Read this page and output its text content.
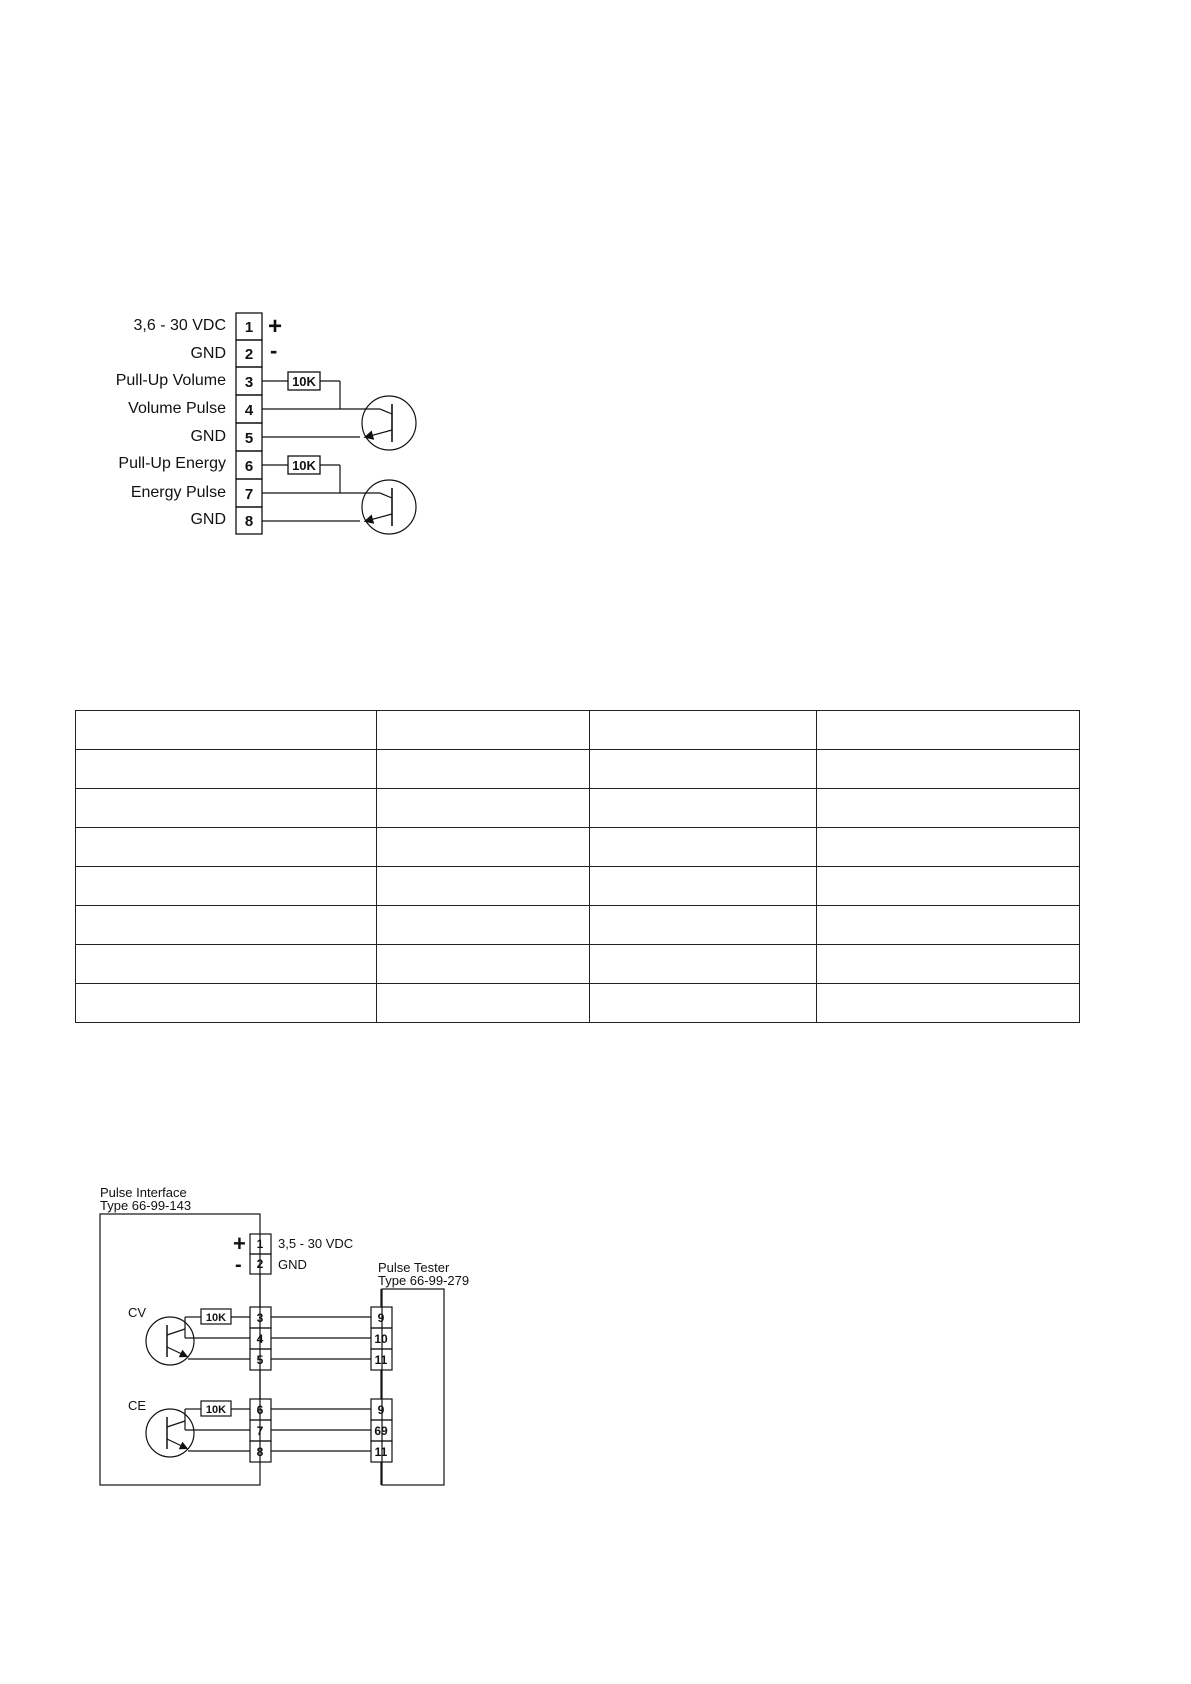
3,6 - 30 VDC
GND
Pull-Up Volume
Volume Pulse
GND
Pull-Up Energy
Energy Pulse
GND
1
2
3
4
5
6
7
8
+
-
10K
10K

Pulse Interface
Type 66-99-143
Pulse Tester
Type 66-99-279
1
2
3
4
5
6
7
8
9
10
11
9
69
11
+
-
3,5 - 30 VDC
GND
CV
CE
10K
10K
